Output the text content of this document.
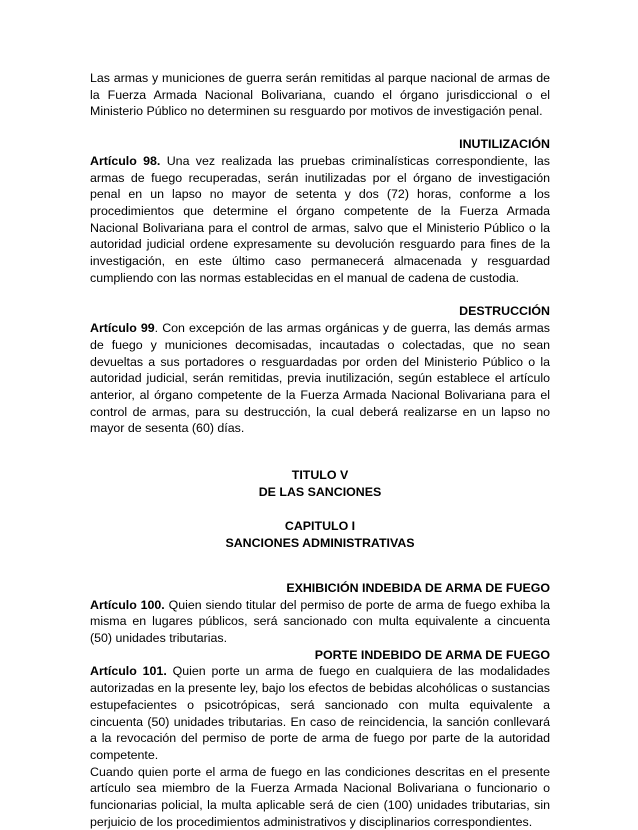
Las armas y municiones de guerra serán remitidas al parque nacional de armas de la Fuerza Armada Nacional Bolivariana, cuando el órgano jurisdiccional o el Ministerio Público no determinen su resguardo por motivos de investigación penal.

INUTILIZACIÓN

Artículo 98. Una vez realizada las pruebas criminalísticas correspondiente, las armas de fuego recuperadas, serán inutilizadas por el órgano de investigación penal en un lapso no mayor de setenta y dos (72) horas, conforme a los procedimientos que determine el órgano competente de la Fuerza Armada Nacional Bolivariana para el control de armas, salvo que el Ministerio Público o la autoridad judicial ordene expresamente su devolución resguardo para fines de la investigación, en este último caso permanecerá almacenada y resguardad cumpliendo con las normas establecidas en el manual de cadena de custodia.

DESTRUCCIÓN

Artículo 99. Con excepción de las armas orgánicas y de guerra, las demás armas de fuego y municiones decomisadas, incautadas o colectadas, que no sean devueltas a sus portadores o resguardadas por orden del Ministerio Público o la autoridad judicial, serán remitidas, previa inutilización, según establece el artículo anterior, al órgano competente de la Fuerza Armada Nacional Bolivariana para el control de armas, para su destrucción, la cual deberá realizarse en un lapso no mayor de sesenta (60) días.

TITULO V
DE LAS SANCIONES
CAPITULO I
SANCIONES ADMINISTRATIVAS
EXHIBICIÓN INDEBIDA DE ARMA DE FUEGO

Artículo 100. Quien siendo titular del permiso de porte de arma de fuego exhiba la misma en lugares públicos, será sancionado con multa equivalente a cincuenta (50) unidades tributarias.

PORTE INDEBIDO DE ARMA DE FUEGO

Artículo 101. Quien porte un arma de fuego en cualquiera de las modalidades autorizadas en la presente ley, bajo los efectos de bebidas alcohólicas o sustancias estupefacientes o psicotrópicas, será sancionado con multa equivalente a cincuenta (50) unidades tributarias. En caso de reincidencia, la sanción conllevará a la revocación del permiso de porte de arma de fuego por parte de la autoridad competente.

Cuando quien porte el arma de fuego en las condiciones descritas en el presente artículo sea miembro de la Fuerza Armada Nacional Bolivariana o funcionario o funcionarias policial, la multa aplicable será de cien (100) unidades tributarias, sin perjuicio de los procedimientos administrativos y disciplinarios correspondientes.
